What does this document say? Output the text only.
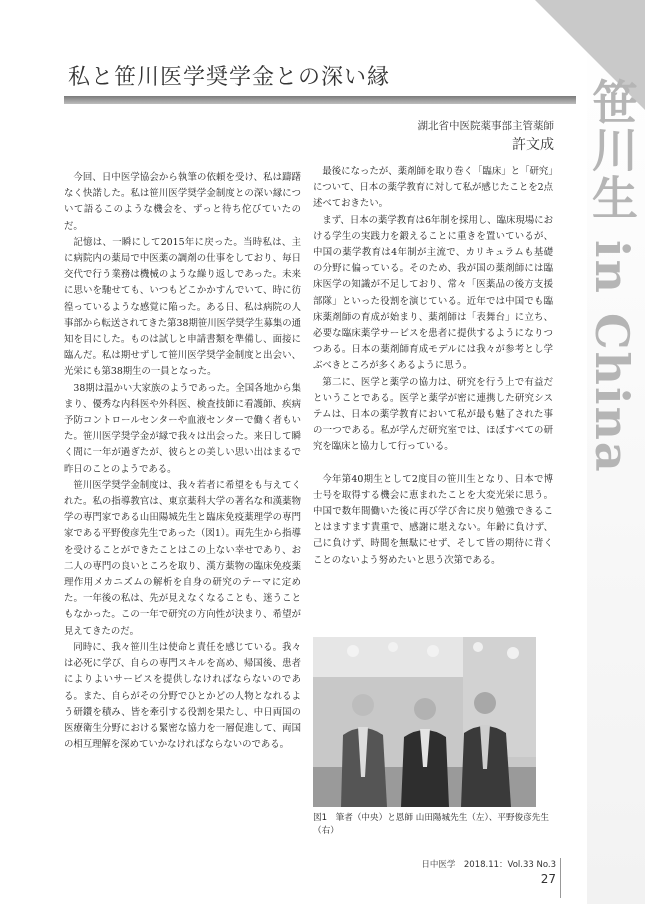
笹川生 in China
私と笹川医学奨学金との深い縁
湖北省中医院薬事部主管薬師
許文成

今回、日中医学協会から執筆の依頼を受け、私は躊躇なく快諾した。私は笹川医学奨学金制度との深い縁について語るこのような機会を、ずっと待ち佗びていたのだ。

記憶は、一瞬にして2015年に戻った。当時私は、主に病院内の薬局で中医薬の調剤の仕事をしており、毎日交代で行う業務は機械のような繰り返しであった。未来に思いを馳せても、いつもどこかかすんでいて、時に彷徨っているような感覚に陥った。ある日、私は病院の人事部から転送されてきた第38期笹川医学奨学生募集の通知を目にした。ものは試しと申請書類を準備し、面接に臨んだ。私は期せずして笹川医学奨学金制度と出会い、光栄にも第38期生の一員となった。

38期は温かい大家族のようであった。全国各地から集まり、優秀な内科医や外科医、検査技師に看護師、疾病予防コントロールセンターや血液センターで働く者もいた。笹川医学奨学金が縁で我々は出会った。来日して瞬く間に一年が過ぎたが、彼らとの美しい思い出はまるで昨日のことのようである。

笹川医学奨学金制度は、我々若者に希望をも与えてくれた。私の指導教官は、東京薬科大学の著名な和漢薬物学の専門家である山田陽城先生と臨床免疫薬理学の専門家である平野俊彦先生であった（図1）。両先生から指導を受けることができたことはこの上ない幸せであり、お二人の専門の良いところを取り、漢方薬物の臨床免疫薬理作用メカニズムの解析を自身の研究のテーマに定めた。一年後の私は、先が見えなくなることも、迷うこともなかった。この一年で研究の方向性が決まり、希望が見えてきたのだ。

同時に、我々笹川生は使命と責任を感じている。我々は必死に学び、自らの専門スキルを高め、帰国後、患者によりよいサービスを提供しなければならないのである。また、自らがその分野でひとかどの人物となれるよう研鑽を積み、皆を牽引する役割を果たし、中日両国の医療衛生分野における緊密な協力を一層促進して、両国の相互理解を深めていかなければならないのである。

最後になったが、薬剤師を取り巻く「臨床」と「研究」について、日本の薬学教育に対して私が感じたことを2点述べておきたい。

まず、日本の薬学教育は6年制を採用し、臨床現場における学生の実践力を鍛えることに重きを置いているが、中国の薬学教育は4年制が主流で、カリキュラムも基礎の分野に偏っている。そのため、我が国の薬剤師には臨床医学の知識が不足しており、常々「医薬品の後方支援部隊」といった役割を演じている。近年では中国でも臨床薬剤師の育成が始まり、薬剤師は「表舞台」に立ち、必要な臨床薬学サービスを患者に提供するようになりつつある。日本の薬剤師育成モデルには我々が参考とし学ぶべきところが多くあるように思う。

第二に、医学と薬学の協力は、研究を行う上で有益だということである。医学と薬学が密に連携した研究システムは、日本の薬学教育において私が最も魅了された事の一つである。私が学んだ研究室では、ほぼすべての研究を臨床と協力して行っている。

今年第40期生として2度目の笹川生となり、日本で博士号を取得する機会に恵まれたことを大変光栄に思う。中国で数年間働いた後に再び学び舎に戻り勉強できることはますます貴重で、感謝に堪えない。年齢に負けず、己に負けず、時間を無駄にせず、そして皆の期待に背くことのないよう努めたいと思う次第である。

図1　筆者（中央）と恩師 山田陽城先生（左）、平野俊彦先生（右）
日中医学　2018.11：Vol.33 No.3
27
